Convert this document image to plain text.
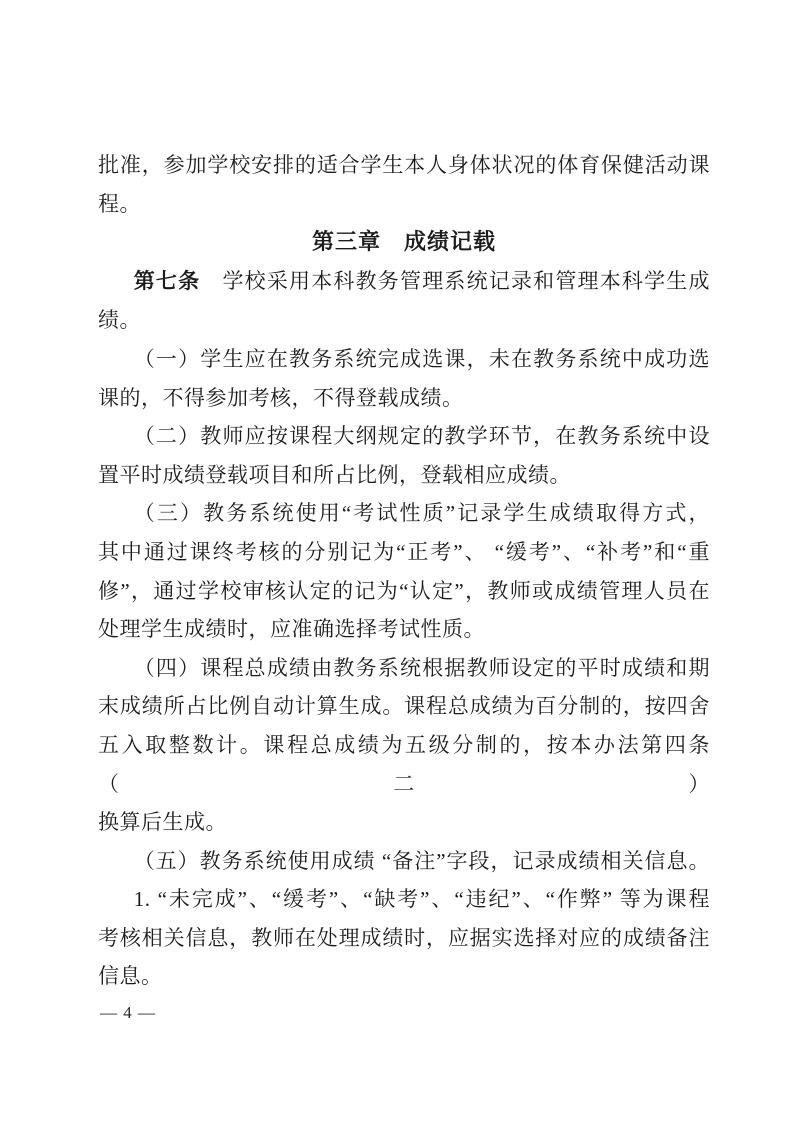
批准，参加学校安排的适合学生本人身体状况的体育保健活动课
程。
第三章　成绩记载
第七条　学校采用本科教务管理系统记录和管理本科学生成
绩。
（一）学生应在教务系统完成选课，未在教务系统中成功选
课的，不得参加考核，不得登载成绩。
（二）教师应按课程大纲规定的教学环节，在教务系统中设
置平时成绩登载项目和所占比例，登载相应成绩。
（三）教务系统使用“考试性质”记录学生成绩取得方式，
其中通过课终考核的分别记为“正考”、 “缓考”、“补考”和“重
修”，通过学校审核认定的记为“认定”，教师或成绩管理人员在
处理学生成绩时，应准确选择考试性质。
（四）课程总成绩由教务系统根据教师设定的平时成绩和期
末成绩所占比例自动计算生成。课程总成绩为百分制的，按四舍
五入取整数计。课程总成绩为五级分制的，按本办法第四条（二）
换算后生成。
（五）教务系统使用成绩 “备注”字段，记录成绩相关信息。
1. “未完成”、“缓考”、“缺考”、“违纪”、“作弊” 等为课程
考核相关信息，教师在处理成绩时，应据实选择对应的成绩备注
信息。
— 4 —
